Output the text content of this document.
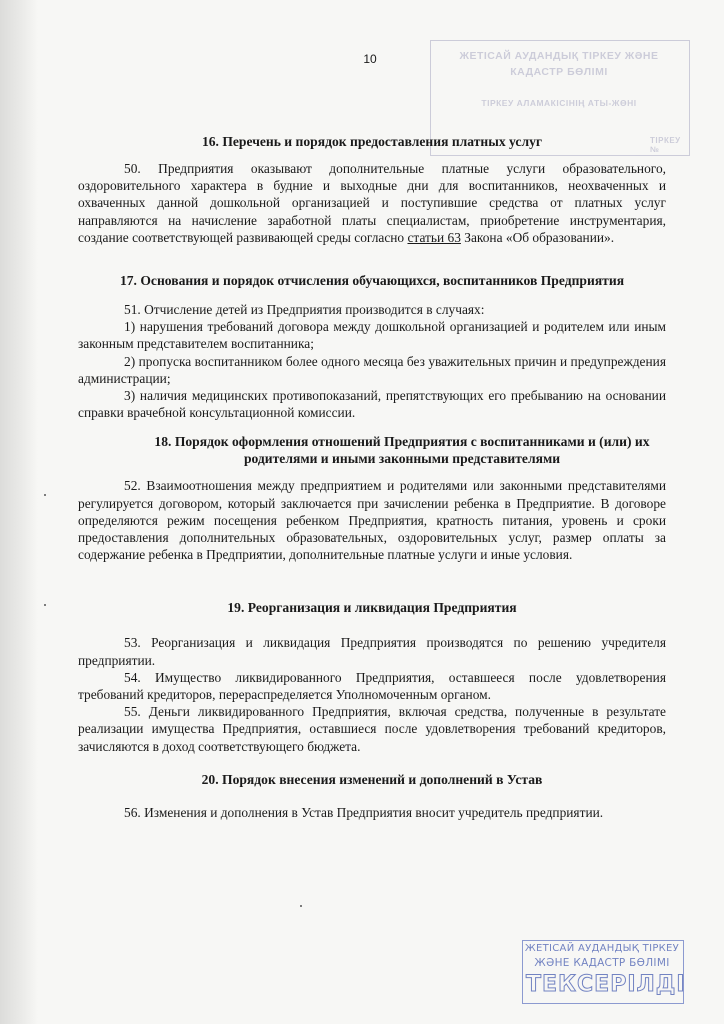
ЖЕТІСАЙ АУДАНДЫҚ ТІРКЕУ ЖӘНЕ
КАДАСТР БӨЛІМІ
ТІРКЕУ АЛАМАКІСІНІҢ АТЫ-ЖӨНІ
ТІРКЕУ №
10
16. Перечень и порядок предоставления платных услуг

50. Предприятия оказывают дополнительные платные услуги образовательного, оздоровительного характера в будние и выходные дни для воспитанников, неохваченных и охваченных данной дошкольной организацией и поступившие средства от платных услуг направляются на начисление заработной платы специалистам, приобретение инструментария, создание соответствующей развивающей среды согласно статьи 63 Закона «Об образовании».

17. Основания и порядок отчисления обучающихся, воспитанников Предприятия

51. Отчисление детей из Предприятия производится в случаях:

1) нарушения требований договора между дошкольной организацией и родителем или иным законным представителем воспитанника;

2) пропуска воспитанником более одного месяца без уважительных причин и предупреждения администрации;

3) наличия медицинских противопоказаний, препятствующих его пребыванию на основании справки врачебной консультационной комиссии.

18. Порядок оформления отношений Предприятия с воспитанниками и (или) их родителями и иными законными представителями

52. Взаимоотношения между предприятием и родителями или законными представителями регулируется договором, который заключается при зачислении ребенка в Предприятие. В договоре определяются режим посещения ребенком Предприятия, кратность питания, уровень и сроки предоставления дополнительных образовательных, оздоровительных услуг, размер оплаты за содержание ребенка в Предприятии, дополнительные платные услуги и иные условия.

19. Реорганизация и ликвидация Предприятия

53. Реорганизация и ликвидация Предприятия производятся по решению учредителя предприятии.

54. Имущество ликвидированного Предприятия, оставшееся после удовлетворения требований кредиторов, перераспределяется Уполномоченным органом.

55. Деньги ликвидированного Предприятия, включая средства, полученные в результате реализации имущества Предприятия, оставшиеся после удовлетворения требований кредиторов, зачисляются в доход соответствующего бюджета.

20. Порядок внесения изменений и дополнений в Устав

56. Изменения и дополнения в Устав Предприятия вносит учредитель предприятии.

ЖЕТІСАЙ АУДАНДЫҚ ТІРКЕУ
ЖӘНЕ КАДАСТР БӨЛІМІ
ТЕКСЕРІЛДІ
